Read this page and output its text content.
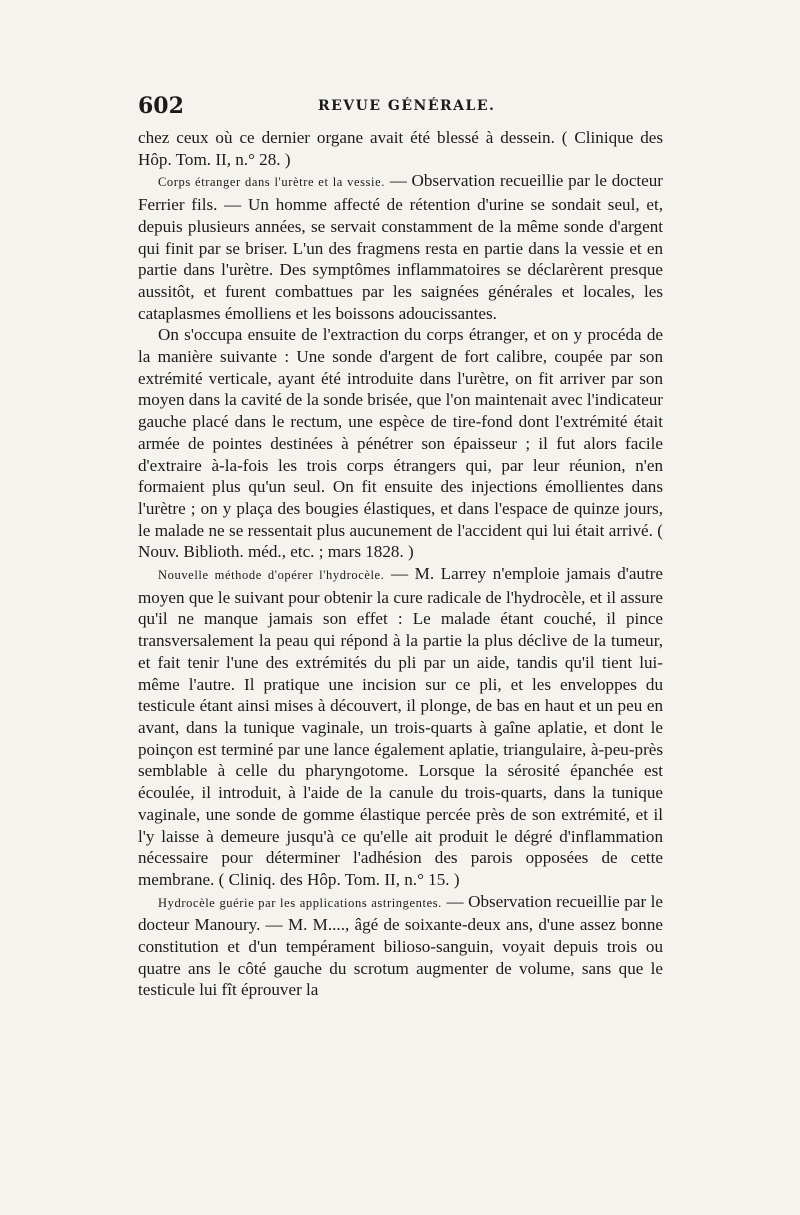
602	REVUE GÉNÉRALE.

chez ceux où ce dernier organe avait été blessé à dessein. ( Clinique des Hôp. Tom. II, n.° 28. )

Corps étranger dans l'urètre et la vessie. — Observation recueillie par le docteur Ferrier fils. — Un homme affecté de rétention d'urine se sondait seul, et, depuis plusieurs années, se servait constamment de la même sonde d'argent qui finit par se briser. L'un des fragmens resta en partie dans la vessie et en partie dans l'urètre. Des symptômes inflammatoires se déclarèrent presque aussitôt, et furent combattues par les saignées générales et locales, les cataplasmes émolliens et les boissons adoucissantes.

On s'occupa ensuite de l'extraction du corps étranger, et on y procéda de la manière suivante : Une sonde d'argent de fort calibre, coupée par son extrémité verticale, ayant été introduite dans l'urètre, on fit arriver par son moyen dans la cavité de la sonde brisée, que l'on maintenait avec l'indicateur gauche placé dans le rectum, une espèce de tire-fond dont l'extrémité était armée de pointes destinées à pénétrer son épaisseur ; il fut alors facile d'extraire à-la-fois les trois corps étrangers qui, par leur réunion, n'en formaient plus qu'un seul. On fit ensuite des injections émollientes dans l'urètre ; on y plaça des bougies élastiques, et dans l'espace de quinze jours, le malade ne se ressentait plus aucunement de l'accident qui lui était arrivé. ( Nouv. Biblioth. méd., etc. ; mars 1828. )

Nouvelle méthode d'opérer l'hydrocèle. — M. Larrey n'emploie jamais d'autre moyen que le suivant pour obtenir la cure radicale de l'hydrocèle, et il assure qu'il ne manque jamais son effet : Le malade étant couché, il pince transversalement la peau qui répond à la partie la plus déclive de la tumeur, et fait tenir l'une des extrémités du pli par un aide, tandis qu'il tient lui-même l'autre. Il pratique une incision sur ce pli, et les enveloppes du testicule étant ainsi mises à découvert, il plonge, de bas en haut et un peu en avant, dans la tunique vaginale, un trois-quarts à gaîne aplatie, et dont le poinçon est terminé par une lance également aplatie, triangulaire, à-peu-près semblable à celle du pharyngotome. Lorsque la sérosité épanchée est écoulée, il introduit, à l'aide de la canule du trois-quarts, dans la tunique vaginale, une sonde de gomme élastique percée près de son extrémité, et il l'y laisse à demeure jusqu'à ce qu'elle ait produit le dégré d'inflammation nécessaire pour déterminer l'adhésion des parois opposées de cette membrane. ( Cliniq. des Hôp. Tom. II, n.° 15. )

Hydrocèle guérie par les applications astringentes. — Observation recueillie par le docteur Manoury. — M. M...., âgé de soixante-deux ans, d'une assez bonne constitution et d'un tempérament bilioso-sanguin, voyait depuis trois ou quatre ans le côté gauche du scrotum augmenter de volume, sans que le testicule lui fît éprouver la
